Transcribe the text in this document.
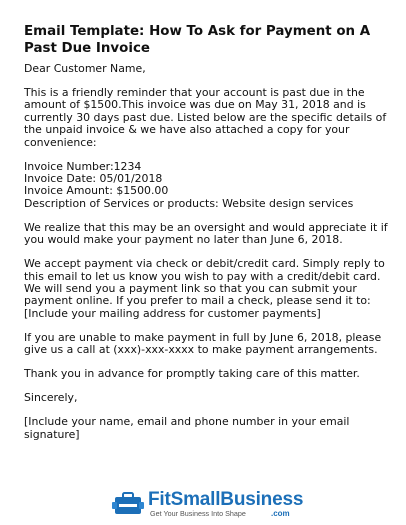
Email Template: How To Ask for Payment on A Past Due Invoice

Dear Customer Name,

This is a friendly reminder that your account is past due in the amount of $1500.This invoice was due on May 31, 2018 and is currently 30 days past due. Listed below are the specific details of the unpaid invoice & we have also attached a copy for your convenience:

Invoice Number:1234
Invoice Date: 05/01/2018
Invoice Amount: $1500.00
Description of Services or products: Website design services

We realize that this may be an oversight and would appreciate it if you would make your payment no later than June 6, 2018.

We accept payment via check or debit/credit card. Simply reply to this email to let us know you wish to pay with a credit/debit card. We will send you a payment link so that you can submit your payment online. If you prefer to mail a check, please send it to: [Include your mailing address for customer payments]

If you are unable to make payment in full by June 6, 2018, please give us a call at (xxx)-xxx-xxxx to make payment arrangements.

Thank you in advance for promptly taking care of this matter.

Sincerely,

[Include your name, email and phone number in your email signature]

FitSmallBusiness
Get Your Business Into Shape	.com
